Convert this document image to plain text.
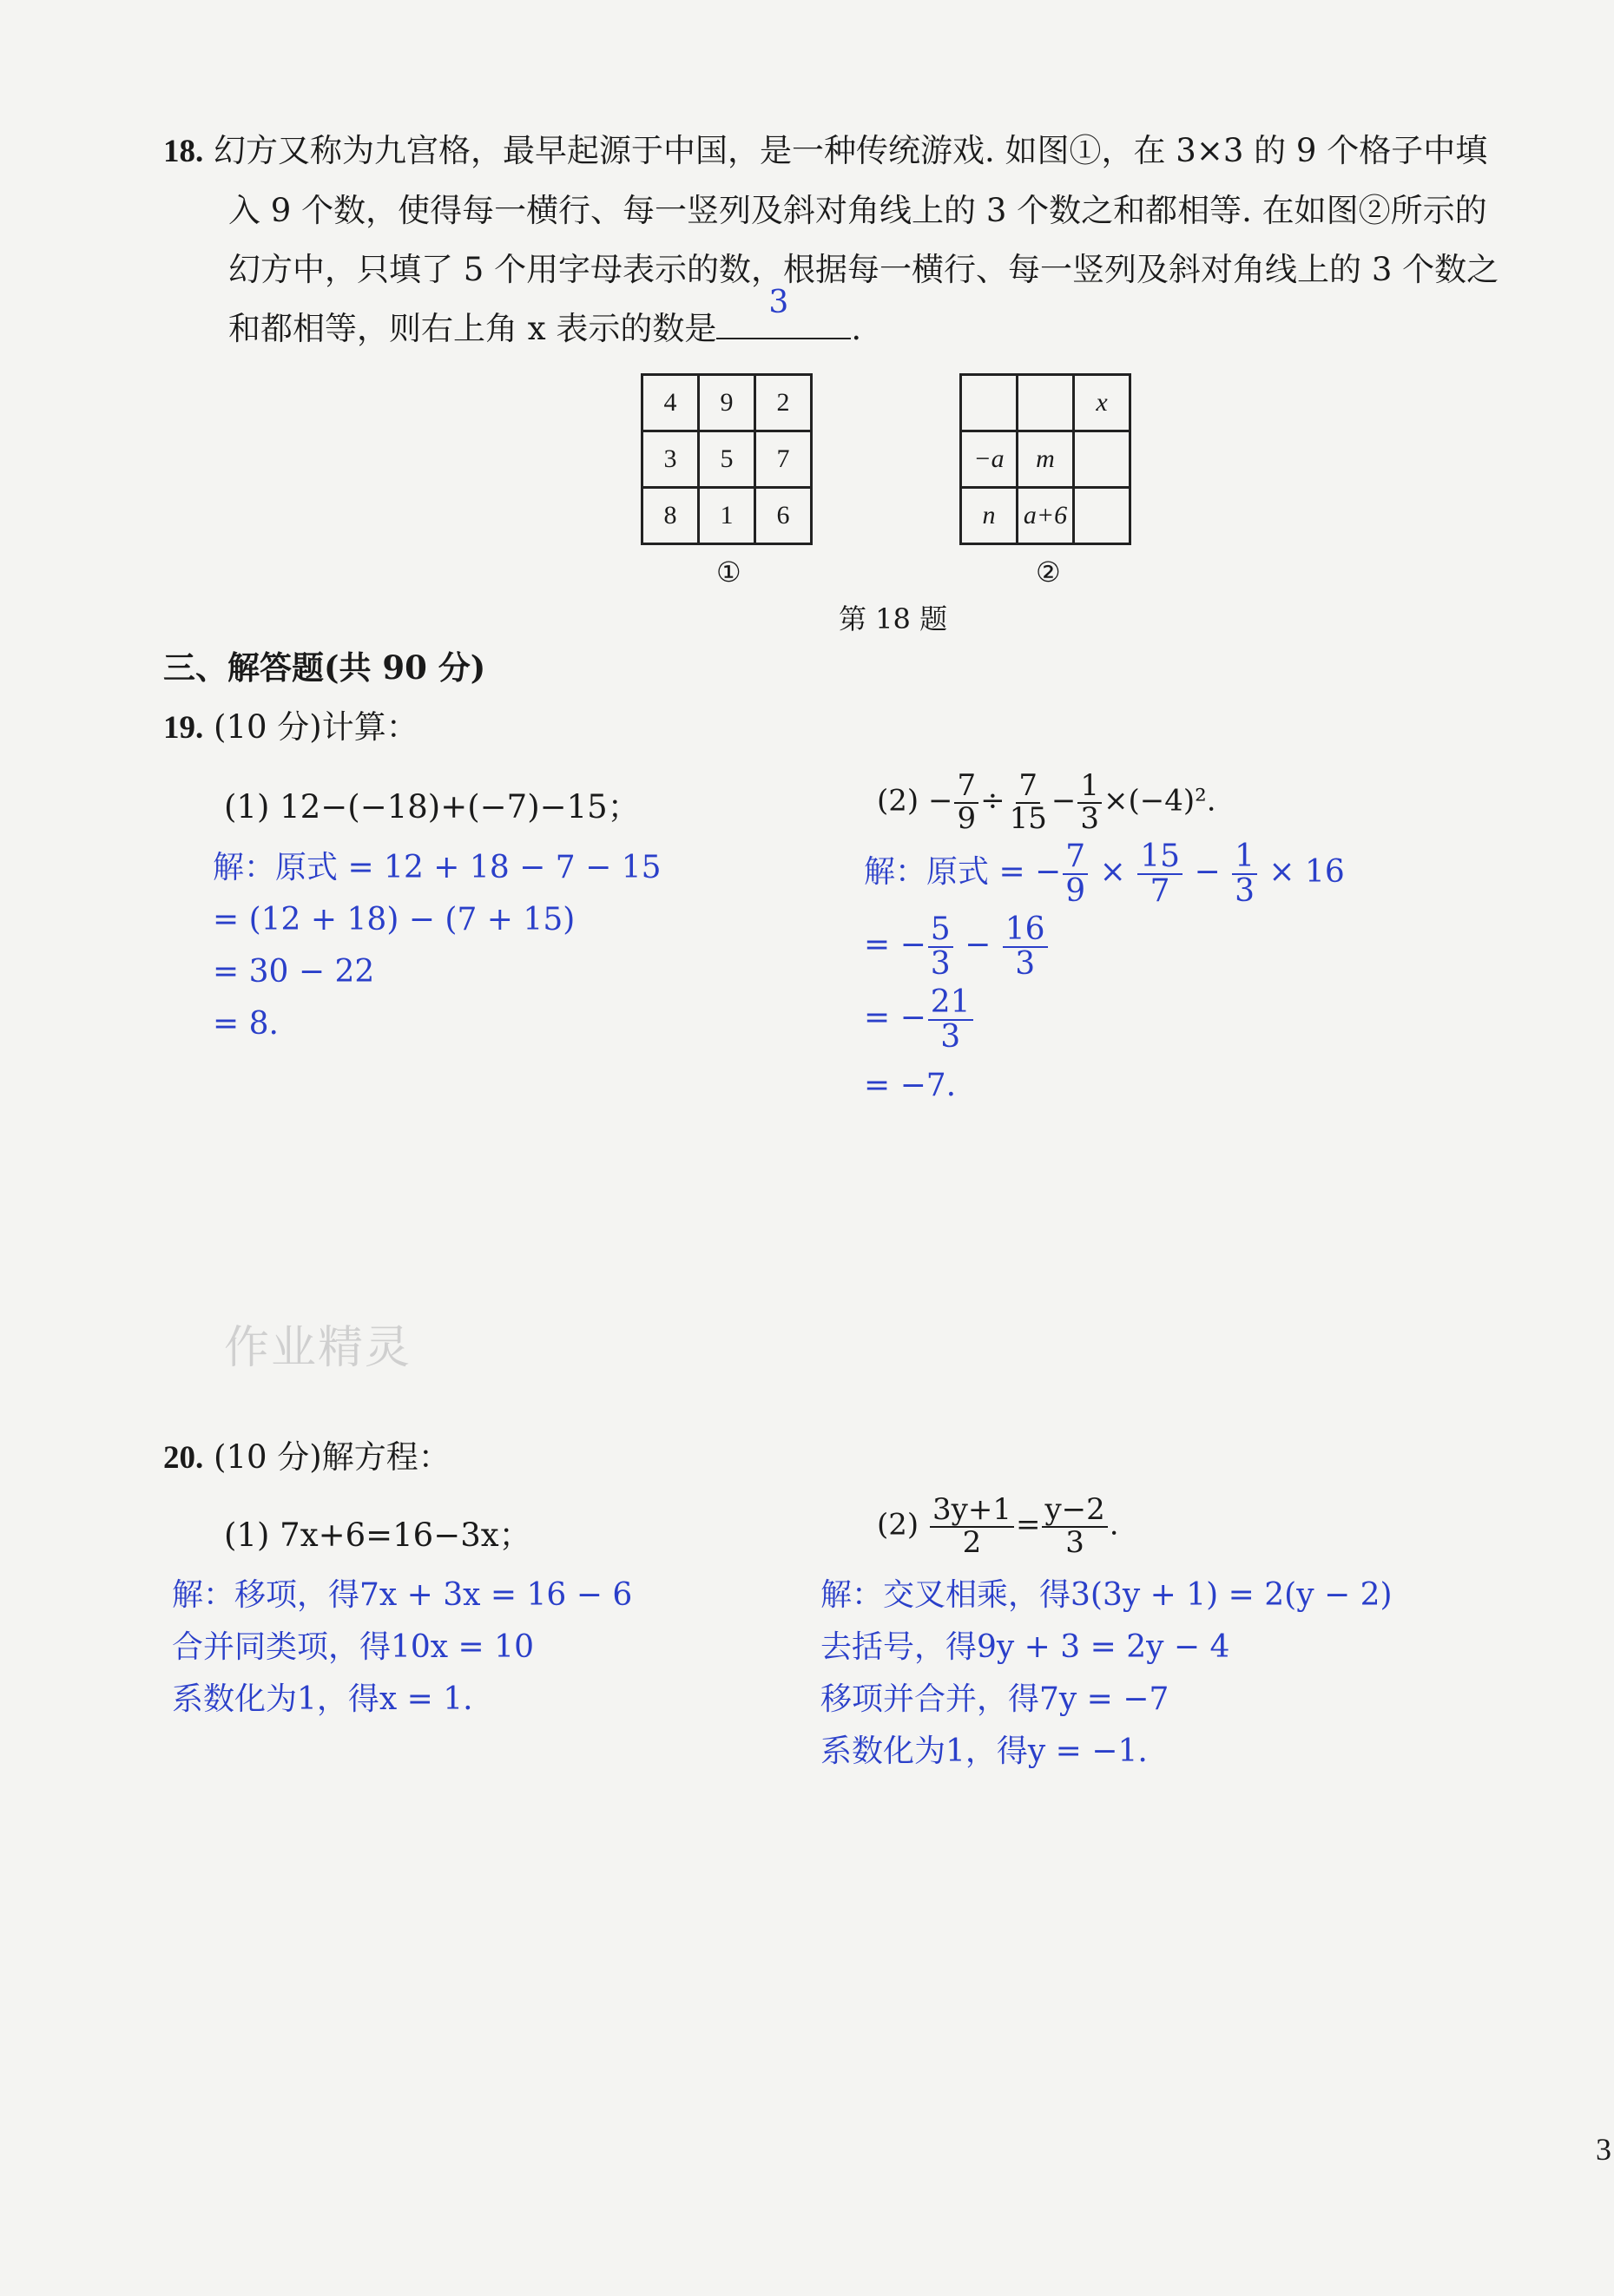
18. 幻方又称为九宫格，最早起源于中国，是一种传统游戏. 如图①，在 3×3 的 9 个格子中填
入 9 个数，使得每一横行、每一竖列及斜对角线上的 3 个数之和都相等. 在如图②所示的
幻方中，只填了 5 个用字母表示的数，根据每一横行、每一竖列及斜对角线上的 3 个数之
和都相等，则右上角 x 表示的数是
3
.
4	9	2
3	5	7
8	1	6
①
		x
−a	m	
n	a+6	
②
第 18 题
三、解答题(共 90 分)
19. (10 分)计算：
(1) 12−(−18)+(−7)−15；
解：原式 = 12 + 18 − 7 − 15
= (12 + 18) − (7 + 15)
= 30 − 22
= 8.
$(2) - \frac{7}{9} \div \frac{7}{15} - \frac{1}{3} \times(-4)^2$.
解：原式 = − $\frac{7}{9} \times \frac{15}{7} - \frac{1}{3} \times 16$
= − $\frac{5}{3} - \frac{16}{3}$
= − $\frac{21}{3}$
= −7.
作业精灵
20. (10 分)解方程：
(1) 7x+6=16−3x；
解：移项，得7x + 3x = 16 − 6
合并同类项，得10x = 10
系数化为1，得x = 1.
$(2) \frac{3y+1}{2} = \frac{y-2}{3}$ .
解：交叉相乘，得3(3y + 1) = 2(y − 2)
去括号，得9y + 3 = 2y − 4
移项并合并，得7y = −7
系数化为1，得y = −1.
3
